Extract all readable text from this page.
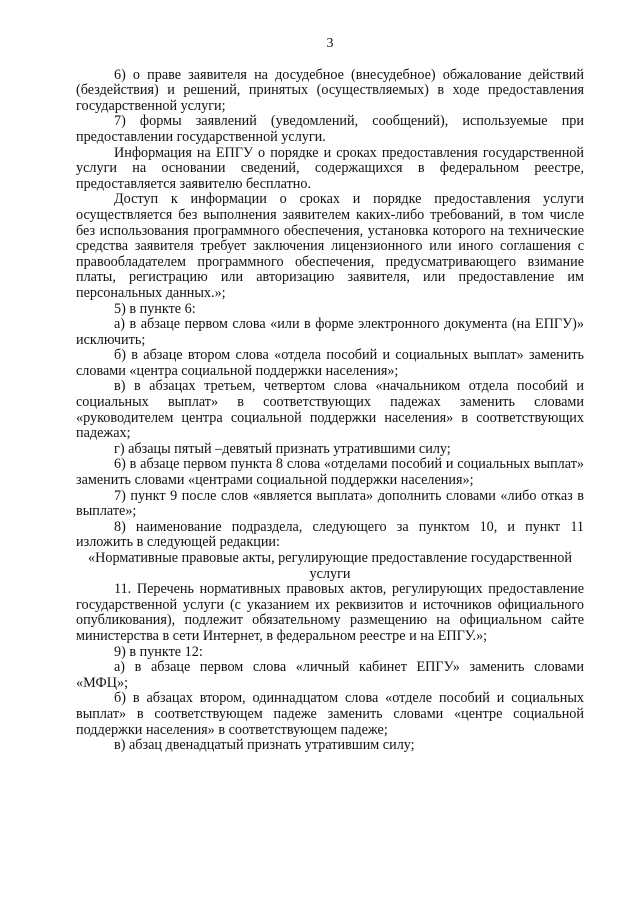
3

6) о праве заявителя на досудебное (внесудебное) обжалование действий (бездействия) и решений, принятых (осуществляемых) в ходе предоставления государственной услуги;

7) формы заявлений (уведомлений, сообщений), используемые при предоставлении государственной услуги.

Информация на ЕПГУ о порядке и сроках предоставления государственной услуги на основании сведений, содержащихся в федеральном реестре, предоставляется заявителю бесплатно.

Доступ к информации о сроках и порядке предоставления услуги осуществляется без выполнения заявителем каких-либо требований, в том числе без использования программного обеспечения, установка которого на технические средства заявителя требует заключения лицензионного или иного соглашения с правообладателем программного обеспечения, предусматривающего взимание платы, регистрацию или авторизацию заявителя, или предоставление им персональных данных.»;

5) в пункте 6:

а) в абзаце первом слова «или в форме электронного документа (на ЕПГУ)» исключить;

б) в абзаце втором слова «отдела пособий и социальных выплат» заменить словами «центра социальной поддержки населения»;

в) в абзацах третьем, четвертом слова «начальником отдела пособий и социальных выплат» в соответствующих падежах заменить словами «руководителем центра социальной поддержки населения» в соответствующих падежах;

г) абзацы пятый –девятый признать утратившими силу;

6) в абзаце первом пункта 8 слова «отделами пособий и социальных выплат» заменить словами «центрами социальной поддержки населения»;

7) пункт 9 после слов «является выплата» дополнить словами «либо отказ в выплате»;

8) наименование подраздела, следующего за пунктом 10, и пункт 11 изложить в следующей редакции:

«Нормативные правовые акты, регулирующие предоставление государственной услуги

11. Перечень нормативных правовых актов, регулирующих предоставление государственной услуги (с указанием их реквизитов и источников официального опубликования), подлежит обязательному размещению на официальном сайте министерства в сети Интернет, в федеральном реестре и на ЕПГУ.»;

9) в пункте 12:

а) в абзаце первом слова «личный кабинет ЕПГУ» заменить словами «МФЦ»;

б) в абзацах втором, одиннадцатом слова «отделе пособий и социальных выплат» в соответствующем падеже заменить словами «центре социальной поддержки населения» в соответствующем падеже;

в) абзац двенадцатый признать утратившим силу;
